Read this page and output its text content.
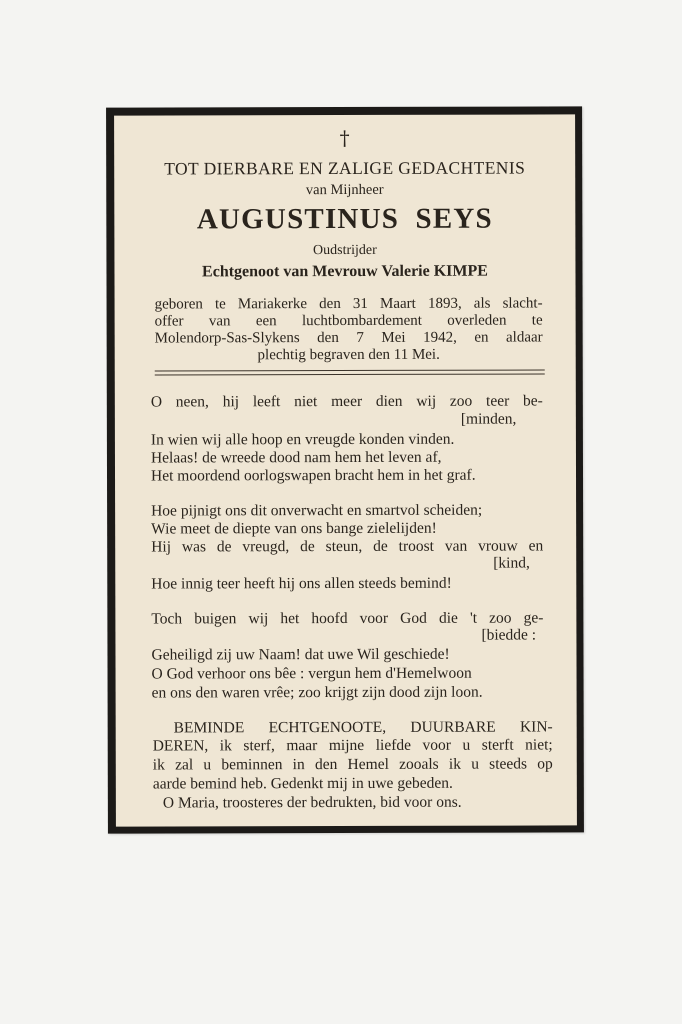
†
TOT DIERBARE EN ZALIGE GEDACHTENIS
van Mijnheer
AUGUSTINUS SEYS
Oudstrijder
Echtgenoot van Mevrouw Valerie KIMPE
geboren te Mariakerke den 31 Maart 1893, als slacht-
offer van een luchtbombardement overleden te
Molendorp-Sas-Slykens den 7 Mei 1942, en aldaar
plechtig begraven den 11 Mei.
O neen, hij leeft niet meer dien wij zoo teer be-
[minden,
In wien wij alle hoop en vreugde konden vinden.
Helaas! de wreede dood nam hem het leven af,
Het moordend oorlogswapen bracht hem in het graf.
Hoe pijnigt ons dit onverwacht en smartvol scheiden;
Wie meet de diepte van ons bange zielelijden!
Hij was de vreugd, de steun, de troost van vrouw en
[kind,
Hoe innig teer heeft hij ons allen steeds bemind!
Toch buigen wij het hoofd voor God die 't zoo ge-
[biedde :
Geheiligd zij uw Naam! dat uwe Wil geschiede!
O God verhoor ons bêe : vergun hem d'Hemelwoon
en ons den waren vrêe; zoo krijgt zijn dood zijn loon.
BEMINDE ECHTGENOOTE, DUURBARE KIN-
DEREN, ik sterf, maar mijne liefde voor u sterft niet;
ik zal u beminnen in den Hemel zooals ik u steeds op
aarde bemind heb. Gedenkt mij in uwe gebeden.
O Maria, troosteres der bedrukten, bid voor ons.
